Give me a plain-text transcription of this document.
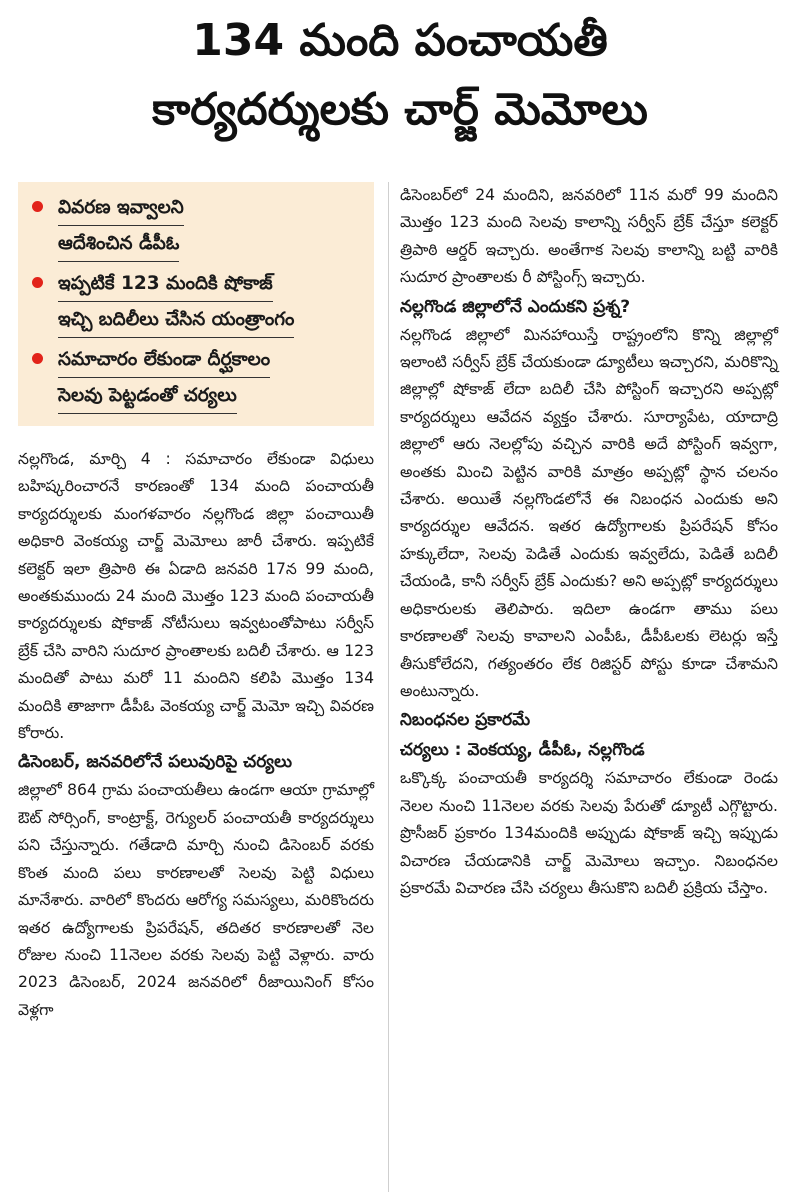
134 మంది పంచాయతీ
కార్యదర్శులకు చార్జ్ మెమోలు
వివరణ ఇవ్వాలని
ఆదేశించిన డీపీఓ
ఇప్పటికే 123 మందికి షోకాజ్
ఇచ్చి బదిలీలు చేసిన యంత్రాంగం
సమాచారం లేకుండా దీర్ఘకాలం
సెలవు పెట్టడంతో చర్యలు

నల్లగొండ, మార్చి 4 : సమాచారం లేకుండా విధులు బహిష్కరించారనే కారణంతో 134 మంది పంచాయతీ కార్యదర్శులకు మంగళవారం నల్లగొండ జిల్లా పంచాయితీ అధికారి వెంకయ్య చార్జ్ మెమోలు జారీ చేశారు. ఇప్పటికే కలెక్టర్ ఇలా త్రిపాఠి ఈ ఏడాది జనవరి 17న 99 మంది, అంతకుముందు 24 మంది మొత్తం 123 మంది పంచాయతీ కార్యదర్శులకు షోకాజ్ నోటీసులు ఇవ్వటంతోపాటు సర్వీస్ బ్రేక్ చేసి వారిని సుదూర ప్రాంతాలకు బదిలీ చేశారు. ఆ 123 మందితో పాటు మరో 11 మందిని కలిపి మొత్తం 134 మందికి తాజాగా డీపీఓ వెంకయ్య చార్జ్ మెమో ఇచ్చి వివరణ కోరారు.

డిసెంబర్, జనవరిలోనే పలువురిపై చర్యలు

జిల్లాలో 864 గ్రామ పంచాయతీలు ఉండగా ఆయా గ్రామాల్లో ఔట్ సోర్సింగ్, కాంట్రాక్ట్, రెగ్యులర్ పంచాయతీ కార్యదర్శులు పని చేస్తున్నారు. గతేడాది మార్చి నుంచి డిసెంబర్ వరకు కొంత మంది పలు కారణాలతో సెలవు పెట్టి విధులు మానేశారు. వారిలో కొందరు ఆరోగ్య సమస్యలు, మరికొందరు ఇతర ఉద్యోగాలకు ప్రిపరేషన్, తదితర కారణాలతో నెల రోజుల నుంచి 11నెలల వరకు సెలవు పెట్టి వెళ్లారు. వారు 2023 డిసెంబర్, 2024 జనవరిలో రీజాయినింగ్ కోసం వెళ్లగా

డిసెంబర్‌లో 24 మందిని, జనవరిలో 11న మరో 99 మందిని మొత్తం 123 మంది సెలవు కాలాన్ని సర్వీస్ బ్రేక్ చేస్తూ కలెక్టర్ త్రిపాఠి ఆర్డర్ ఇచ్చారు. అంతేగాక సెలవు కాలాన్ని బట్టి వారికి సుదూర ప్రాంతాలకు రీ పోస్టింగ్స్ ఇచ్చారు.

నల్లగొండ జిల్లాలోనే ఎందుకని ప్రశ్న?

నల్లగొండ జిల్లాలో మినహాయిస్తే రాష్ట్రంలోని కొన్ని జిల్లాల్లో ఇలాంటి సర్వీస్ బ్రేక్ చేయకుండా డ్యూటీలు ఇచ్చారని, మరికొన్ని జిల్లాల్లో షోకాజ్ లేదా బదిలీ చేసి పోస్టింగ్ ఇచ్చారని అప్పట్లో కార్యదర్శులు ఆవేదన వ్యక్తం చేశారు. సూర్యాపేట, యాదాద్రి జిల్లాలో ఆరు నెలల్లోపు వచ్చిన వారికి అదే పోస్టింగ్ ఇవ్వగా, అంతకు మించి పెట్టిన వారికి మాత్రం అప్పట్లో స్థాన చలనం చేశారు. అయితే నల్లగొండలోనే ఈ నిబంధన ఎందుకు అని కార్యదర్శుల ఆవేదన. ఇతర ఉద్యోగాలకు ప్రిపరేషన్ కోసం హక్కులేదా, సెలవు పెడితే ఎందుకు ఇవ్వలేదు, పెడితే బదిలీ చేయండి, కానీ సర్వీస్ బ్రేక్ ఎందుకు? అని అప్పట్లో కార్యదర్శులు అధికారులకు తెలిపారు. ఇదిలా ఉండగా తాము పలు కారణాలతో సెలవు కావాలని ఎంపీఓ, డీపీఓలకు లెటర్లు ఇస్తే తీసుకోలేదని, గత్యంతరం లేక రిజిస్టర్ పోస్టు కూడా చేశామని అంటున్నారు.

నిబంధనల ప్రకారమే

చర్యలు : వెంకయ్య, డీపీఓ, నల్లగొండ

ఒక్కొక్క పంచాయతీ కార్యదర్శి సమాచారం లేకుండా రెండు నెలల నుంచి 11నెలల వరకు సెలవు పేరుతో డ్యూటీ ఎగ్గొట్టారు. ప్రొసీజర్ ప్రకారం 134మందికి అప్పుడు షోకాజ్ ఇచ్చి ఇప్పుడు విచారణ చేయడానికి చార్జ్ మెమోలు ఇచ్చాం. నిబంధనల ప్రకారమే విచారణ చేసి చర్యలు తీసుకొని బదిలీ ప్రక్రియ చేస్తాం.
